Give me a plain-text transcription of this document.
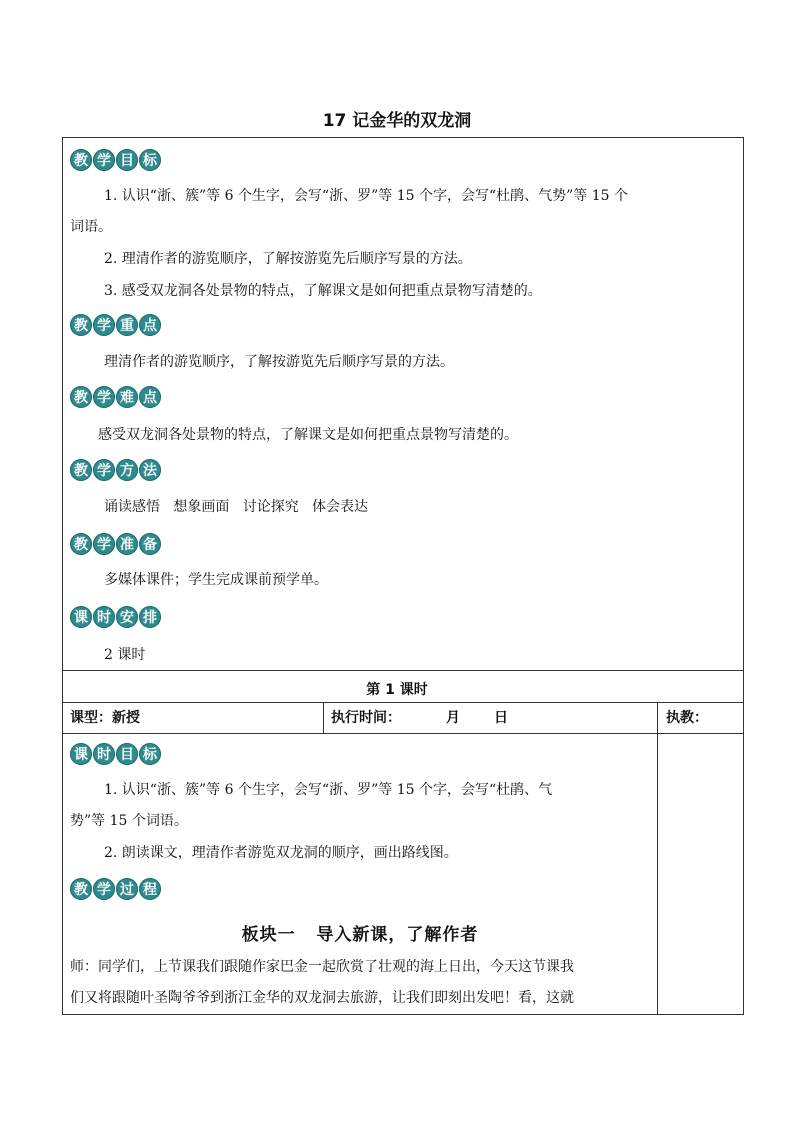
17 记金华的双龙洞
教 学 目 标
1. 认识“浙、簇”等 6 个生字，会写“浙、罗”等 15 个字，会写“杜鹃、气势”等 15 个
词语。
2. 理清作者的游览顺序，了解按游览先后顺序写景的方法。
3. 感受双龙洞各处景物的特点，了解课文是如何把重点景物写清楚的。
教 学 重 点
理清作者的游览顺序，了解按游览先后顺序写景的方法。
教 学 难 点
感受双龙洞各处景物的特点，了解课文是如何把重点景物写清楚的。
教 学 方 法
诵读感悟   想象画面   讨论探究   体会表达
教 学 准 备
多媒体课件；学生完成课前预学单。
课 时 安 排
2 课时
第 1 课时
课型：新授	执行时间：	月 日	执教：
课 时 目 标
1. 认识“浙、簇”等 6 个生字，会写“浙、罗”等 15 个字，会写“杜鹃、气
势”等 15 个词语。
2. 朗读课文，理清作者游览双龙洞的顺序，画出路线图。
教 学 过 程
板块一   导入新课，了解作者
师：同学们，上节课我们跟随作家巴金一起欣赏了壮观的海上日出，今天这节课我
们又将跟随叶圣陶爷爷到浙江金华的双龙洞去旅游，让我们即刻出发吧！看，这就
